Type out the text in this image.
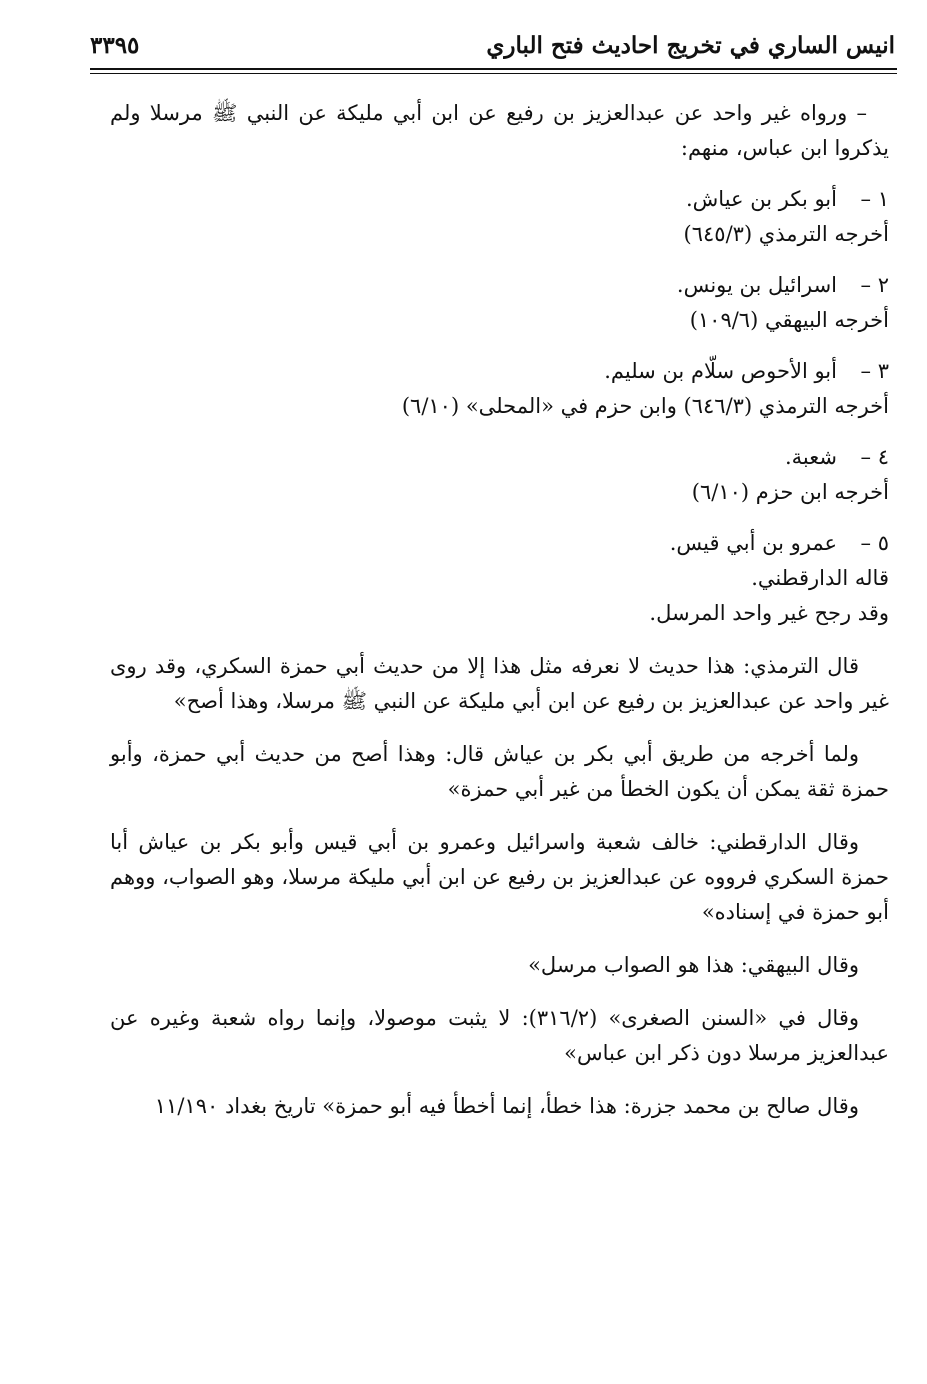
انيس الساري في تخريج احاديث فتح الباري
٣٣٩٥

– ورواه غير واحد عن عبدالعزيز بن رفيع عن ابن أبي مليكة عن النبي ﷺ مرسلا ولم يذكروا ابن عباس، منهم:

١ –
أبو بكر بن عياش.

أخرجه الترمذي (٦٤٥/٣)

٢ –
اسرائيل بن يونس.

أخرجه البيهقي (١٠٩/٦)

٣ –
أبو الأحوص سلّام بن سليم.

أخرجه الترمذي (٦٤٦/٣) وابن حزم في «المحلى» (٦/١٠)

٤ –
شعبة.

أخرجه ابن حزم (٦/١٠)

٥ –
عمرو بن أبي قيس.

قاله الدارقطني.

وقد رجح غير واحد المرسل.

قال الترمذي: هذا حديث لا نعرفه مثل هذا إلا من حديث أبي حمزة السكري، وقد روى غير واحد عن عبدالعزيز بن رفيع عن ابن أبي مليكة عن النبي ﷺ مرسلا، وهذا أصح»

ولما أخرجه من طريق أبي بكر بن عياش قال: وهذا أصح من حديث أبي حمزة، وأبو حمزة ثقة يمكن أن يكون الخطأ من غير أبي حمزة»

وقال الدارقطني: خالف شعبة واسرائيل وعمرو بن أبي قيس وأبو بكر بن عياش أبا حمزة السكري فرووه عن عبدالعزيز بن رفيع عن ابن أبي مليكة مرسلا، وهو الصواب، ووهم أبو حمزة في إسناده»

وقال البيهقي: هذا هو الصواب مرسل»

وقال في «السنن الصغرى» (٣١٦/٢): لا يثبت موصولا، وإنما رواه شعبة وغيره عن عبدالعزيز مرسلا دون ذكر ابن عباس»

وقال صالح بن محمد جزرة: هذا خطأ، إنما أخطأ فيه أبو حمزة» تاريخ بغداد ١١/١٩٠
